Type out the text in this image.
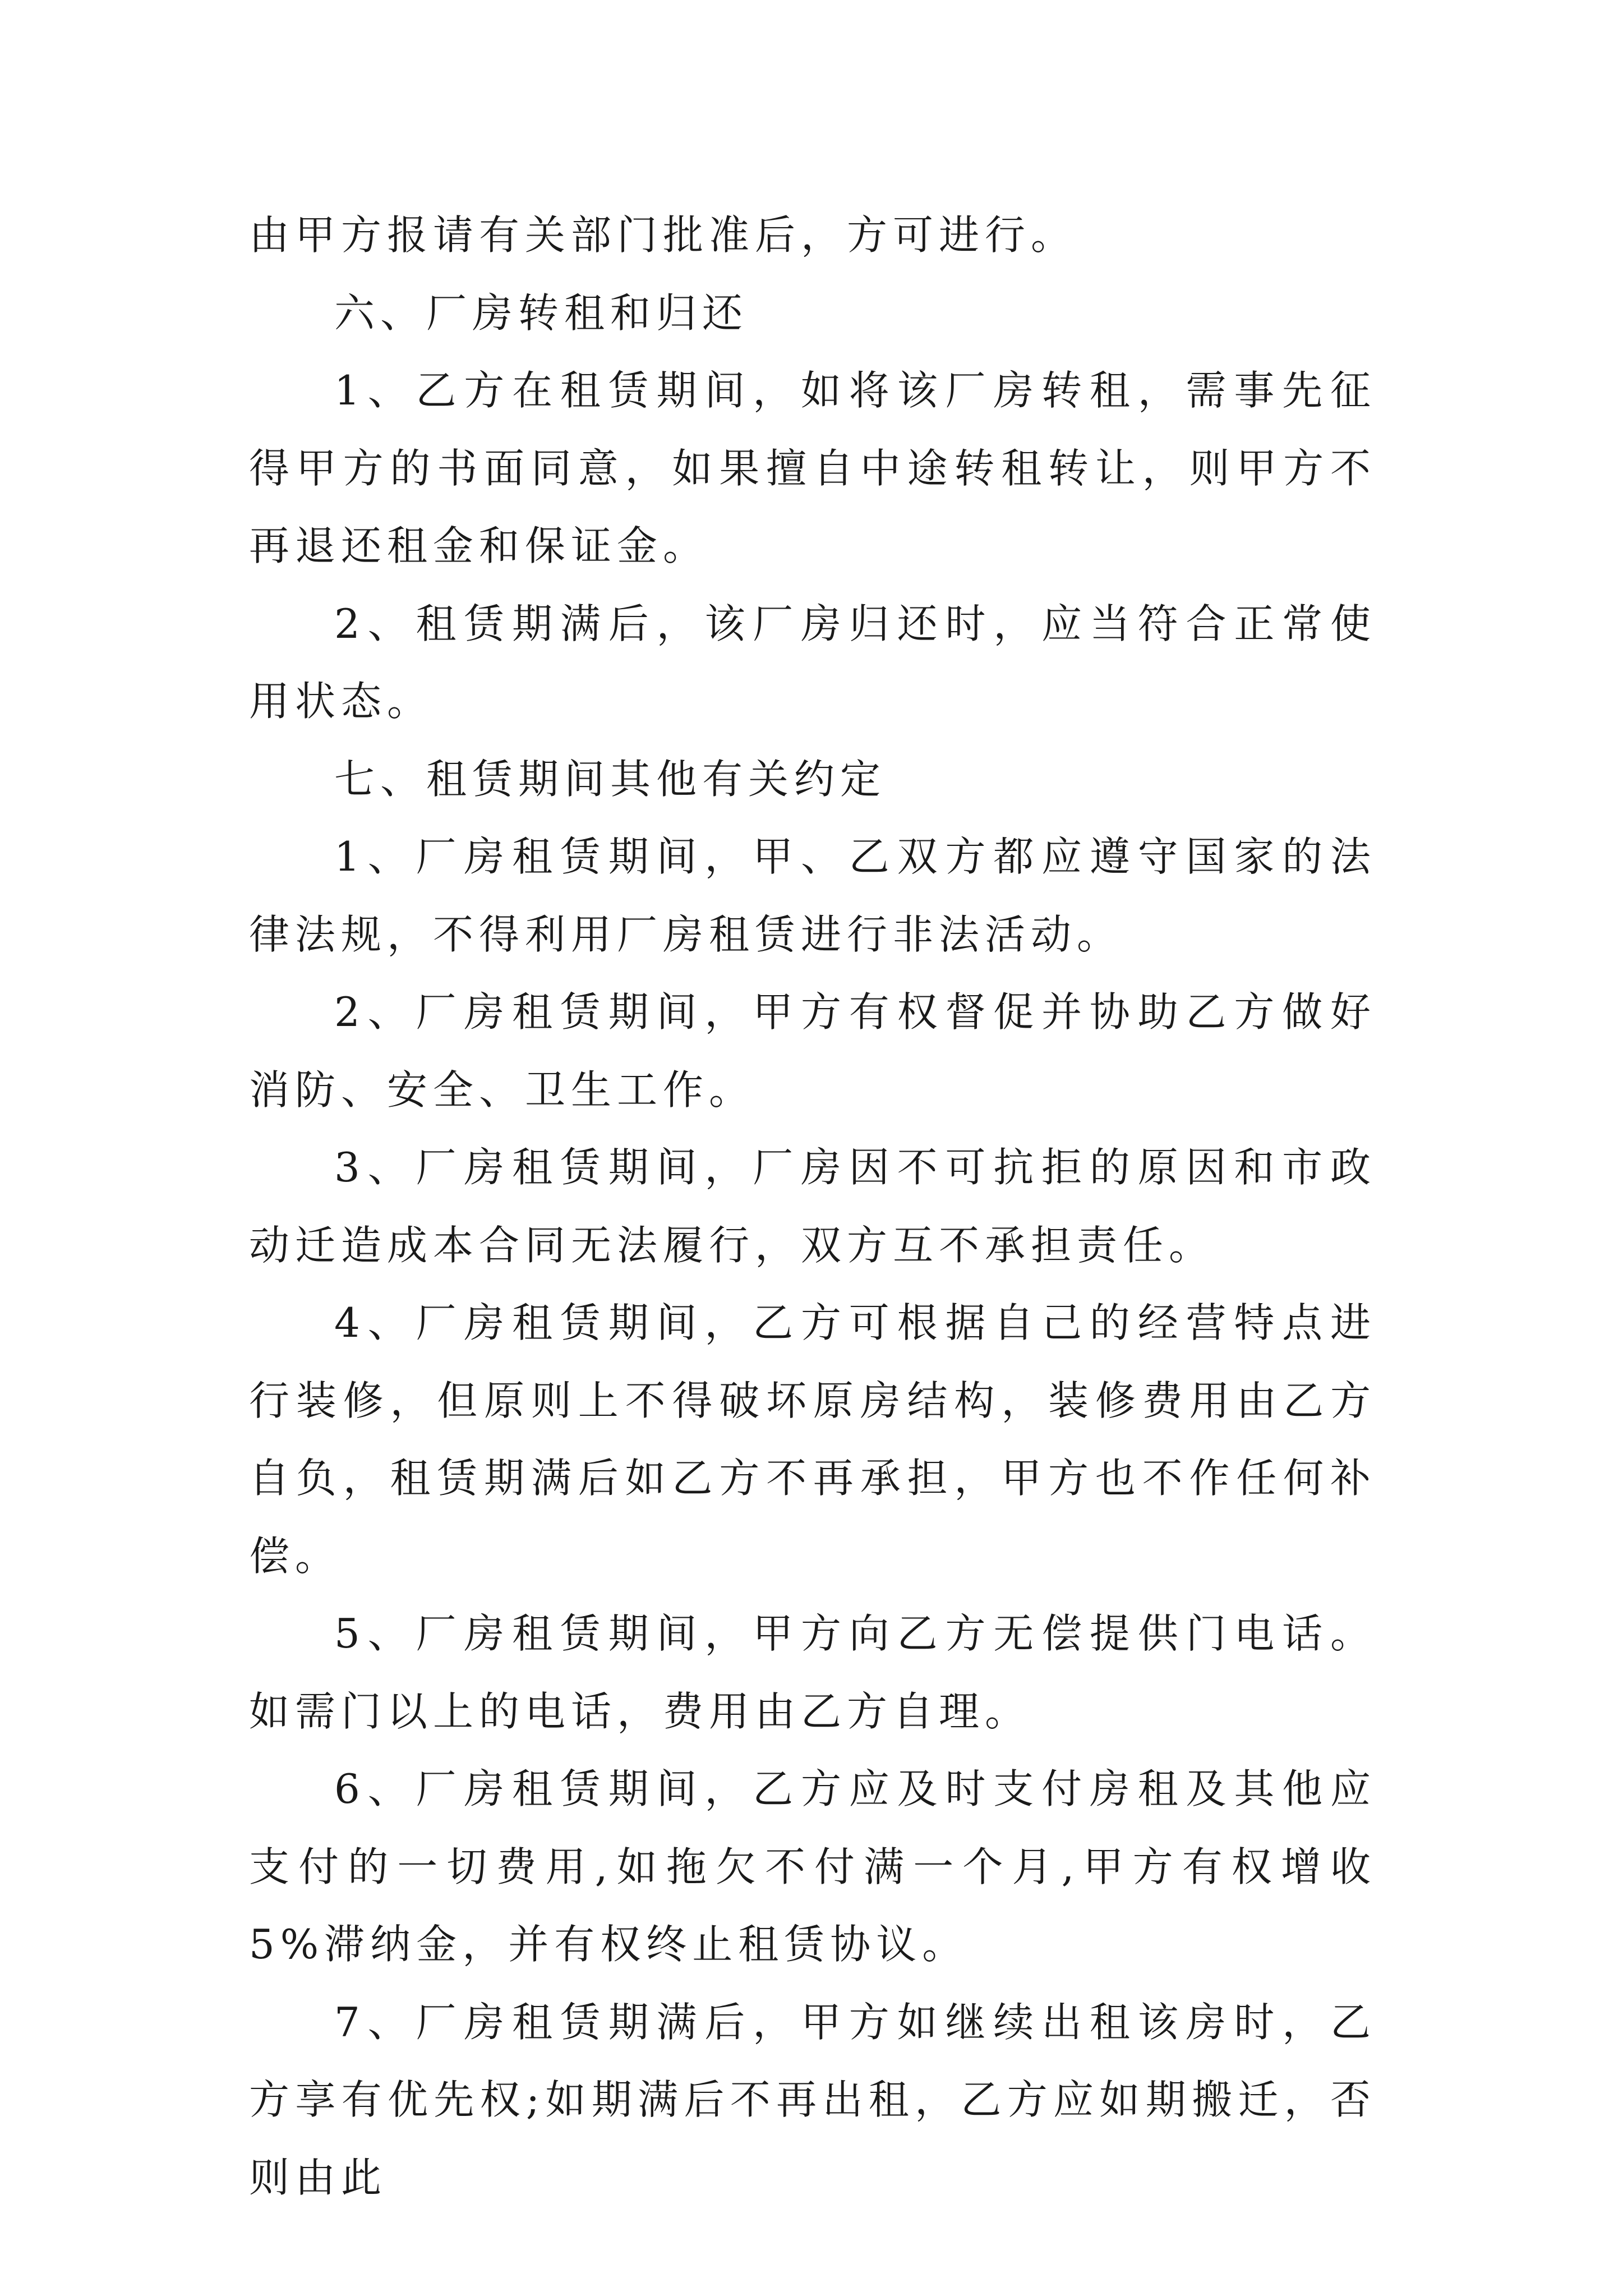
由甲方报请有关部门批准后，方可进行。

六、厂房转租和归还

1、乙方在租赁期间，如将该厂房转租，需事先征得甲方的书面同意，如果擅自中途转租转让，则甲方不再退还租金和保证金。

2、租赁期满后，该厂房归还时，应当符合正常使用状态。

七、租赁期间其他有关约定

1、厂房租赁期间，甲、乙双方都应遵守国家的法律法规，不得利用厂房租赁进行非法活动。

2、厂房租赁期间，甲方有权督促并协助乙方做好消防、安全、卫生工作。

3、厂房租赁期间，厂房因不可抗拒的原因和市政动迁造成本合同无法履行，双方互不承担责任。

4、厂房租赁期间，乙方可根据自己的经营特点进行装修，但原则上不得破坏原房结构，装修费用由乙方自负，租赁期满后如乙方不再承担，甲方也不作任何补偿。

5、厂房租赁期间，甲方向乙方无偿提供门电话。如需门以上的电话，费用由乙方自理。

6、厂房租赁期间，乙方应及时支付房租及其他应支付的一切费用,如拖欠不付满一个月,甲方有权增收 5%滞纳金，并有权终止租赁协议。

7、厂房租赁期满后，甲方如继续出租该房时，乙方享有优先权;如期满后不再出租，乙方应如期搬迁，否则由此
